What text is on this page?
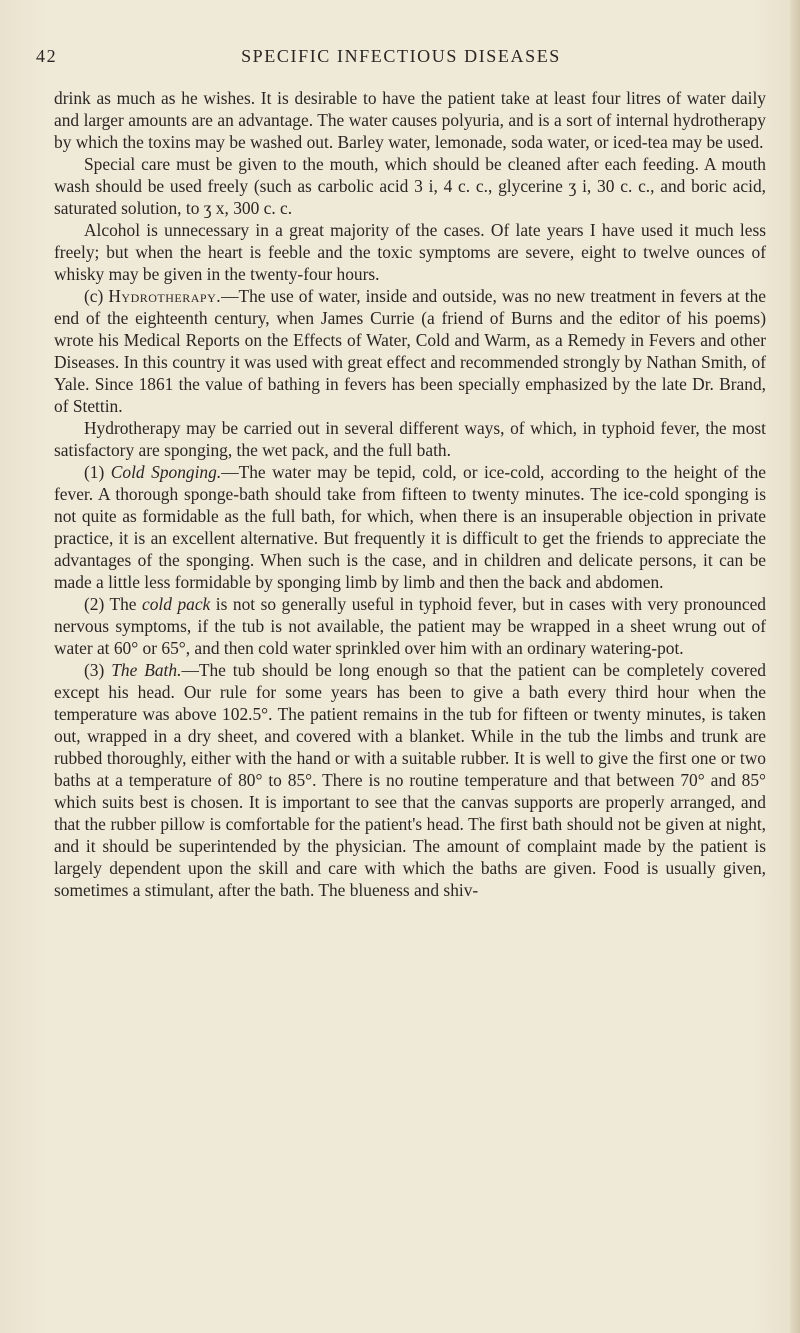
42	SPECIFIC INFECTIOUS DISEASES

drink as much as he wishes. It is desirable to have the patient take at least four litres of water daily and larger amounts are an advantage. The water causes polyuria, and is a sort of internal hydrotherapy by which the toxins may be washed out. Barley water, lemonade, soda water, or iced-tea may be used.

Special care must be given to the mouth, which should be cleaned after each feeding. A mouth wash should be used freely (such as carbolic acid 3 i, 4 c. c., glycerine ʒ i, 30 c. c., and boric acid, saturated solution, to ʒ x, 300 c. c.

Alcohol is unnecessary in a great majority of the cases. Of late years I have used it much less freely; but when the heart is feeble and the toxic symptoms are severe, eight to twelve ounces of whisky may be given in the twenty-four hours.

(c) Hydrotherapy.—The use of water, inside and outside, was no new treatment in fevers at the end of the eighteenth century, when James Currie (a friend of Burns and the editor of his poems) wrote his Medical Reports on the Effects of Water, Cold and Warm, as a Remedy in Fevers and other Diseases. In this country it was used with great effect and recommended strongly by Nathan Smith, of Yale. Since 1861 the value of bathing in fevers has been specially emphasized by the late Dr. Brand, of Stettin.

Hydrotherapy may be carried out in several different ways, of which, in typhoid fever, the most satisfactory are sponging, the wet pack, and the full bath.

(1) Cold Sponging.—The water may be tepid, cold, or ice-cold, according to the height of the fever. A thorough sponge-bath should take from fifteen to twenty minutes. The ice-cold sponging is not quite as formidable as the full bath, for which, when there is an insuperable objection in private practice, it is an excellent alternative. But frequently it is difficult to get the friends to appreciate the advantages of the sponging. When such is the case, and in children and delicate persons, it can be made a little less formidable by sponging limb by limb and then the back and abdomen.

(2) The cold pack is not so generally useful in typhoid fever, but in cases with very pronounced nervous symptoms, if the tub is not available, the patient may be wrapped in a sheet wrung out of water at 60° or 65°, and then cold water sprinkled over him with an ordinary watering-pot.

(3) The Bath.—The tub should be long enough so that the patient can be completely covered except his head. Our rule for some years has been to give a bath every third hour when the temperature was above 102.5°. The patient remains in the tub for fifteen or twenty minutes, is taken out, wrapped in a dry sheet, and covered with a blanket. While in the tub the limbs and trunk are rubbed thoroughly, either with the hand or with a suitable rubber. It is well to give the first one or two baths at a temperature of 80° to 85°. There is no routine temperature and that between 70° and 85° which suits best is chosen. It is important to see that the canvas supports are properly arranged, and that the rubber pillow is comfortable for the patient's head. The first bath should not be given at night, and it should be superintended by the physician. The amount of complaint made by the patient is largely dependent upon the skill and care with which the baths are given. Food is usually given, sometimes a stimulant, after the bath. The blueness and shiv-
